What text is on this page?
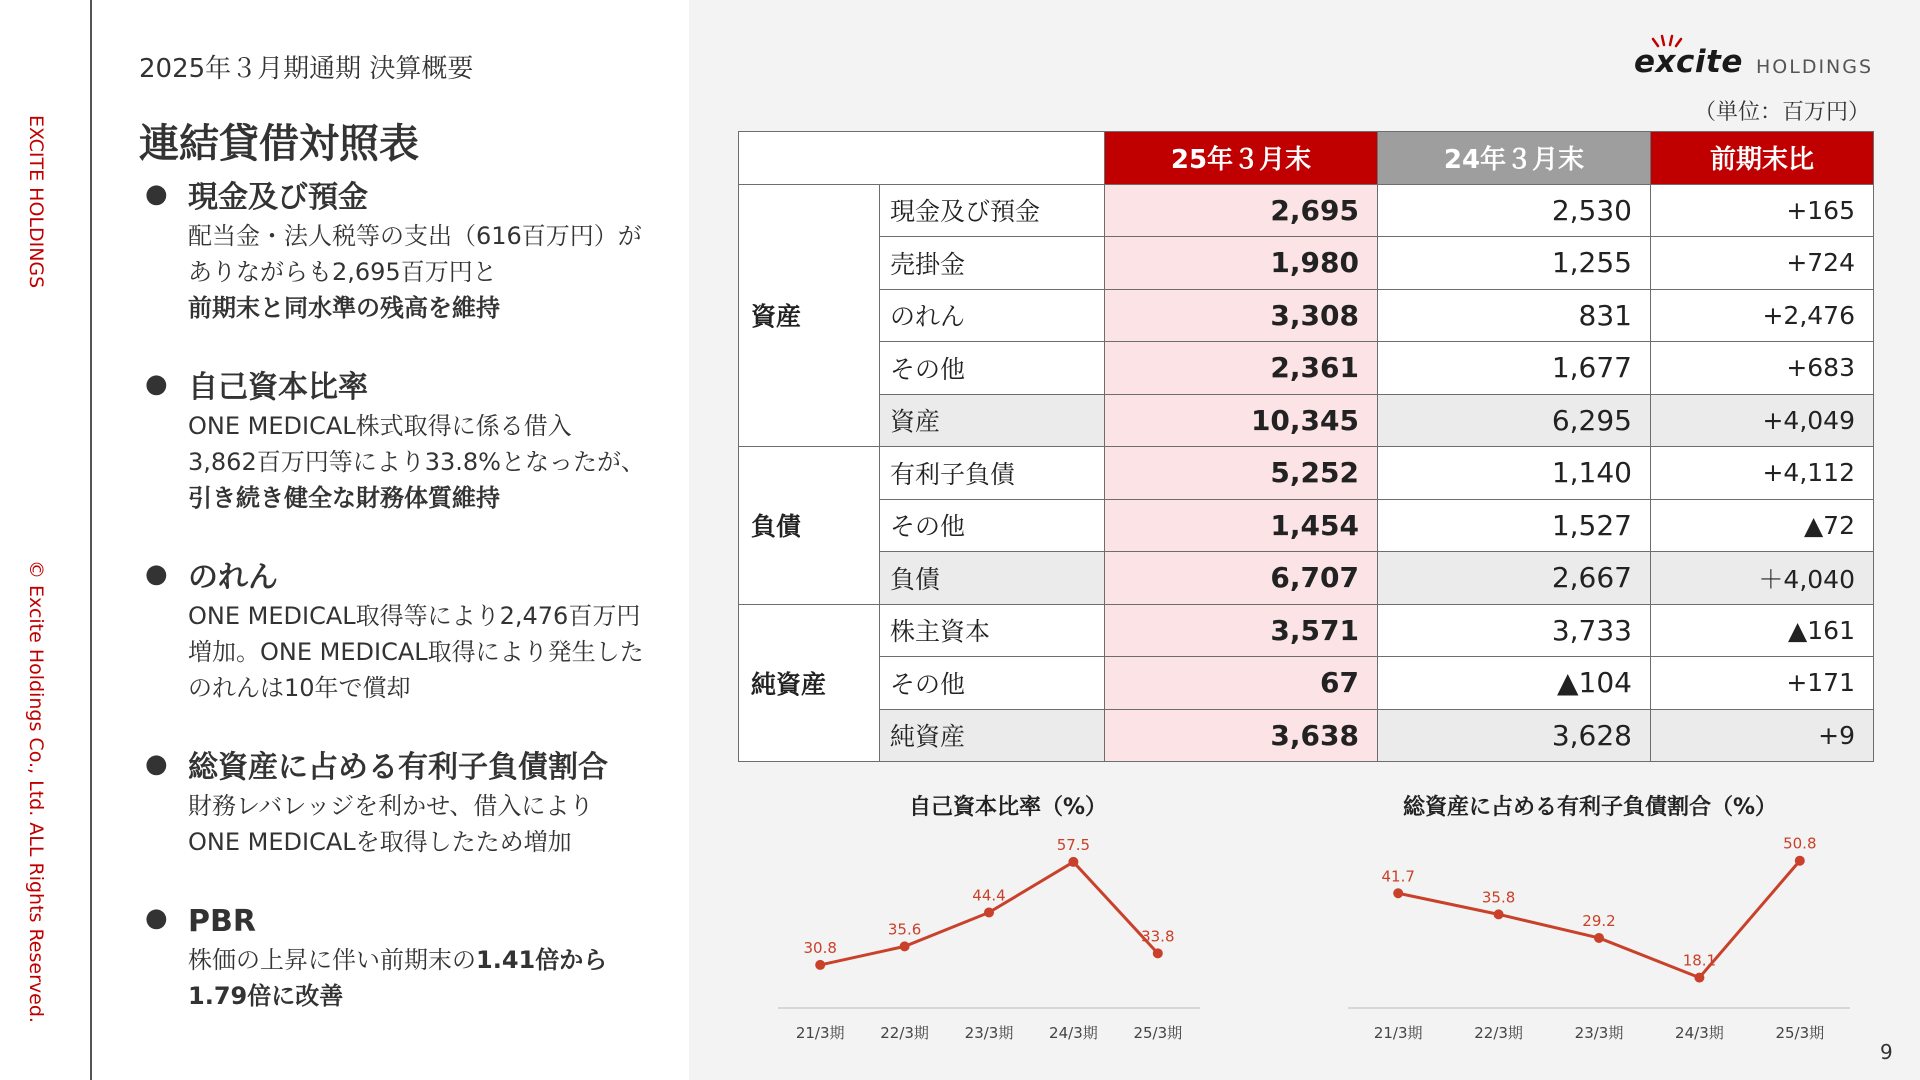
EXCITE HOLDINGS
© Excite Holdings Co., Ltd. ALL Rights Reserved.
2025年３月期通期 決算概要
連結貸借対照表
● 現金及び預金
配当金・法人税等の支出（616百万円）が
ありながらも2,695百万円と
前期末と同水準の残高を維持
● 自己資本比率
ONE MEDICAL株式取得に係る借入
3,862百万円等により33.8%となったが、
引き続き健全な財務体質維持
● のれん
ONE MEDICAL取得等により2,476百万円
増加。ONE MEDICAL取得により発生した
のれんは10年で償却
● 総資産に占める有利子負債割合
財務レバレッジを利かせ、借入により
ONE MEDICALを取得したため増加
● PBR
株価の上昇に伴い前期末の1.41倍から
1.79倍に改善
excite HOLDINGS
（単位：百万円）
		25年３月末	24年３月末	前期末比
資産	現金及び預金	2,695	2,530	+165
	売掛金	1,980	1,255	+724
	のれん	3,308	831	+2,476
	その他	2,361	1,677	+683
	資産	10,345	6,295	+4,049
負債	有利子負債	5,252	1,140	+4,112
	その他	1,454	1,527	▲72
	負債	6,707	2,667	＋4,040
純資産	株主資本	3,571	3,733	▲161
	その他	67	▲104	+171
	純資産	3,638	3,628	+9
自己資本比率（%）
30.8
21/3期
35.6
22/3期
44.4
23/3期
57.5
24/3期
33.8
25/3期
総資産に占める有利子負債割合（%）
41.7
21/3期
35.8
22/3期
29.2
23/3期
18.1
24/3期
50.8
25/3期
9
